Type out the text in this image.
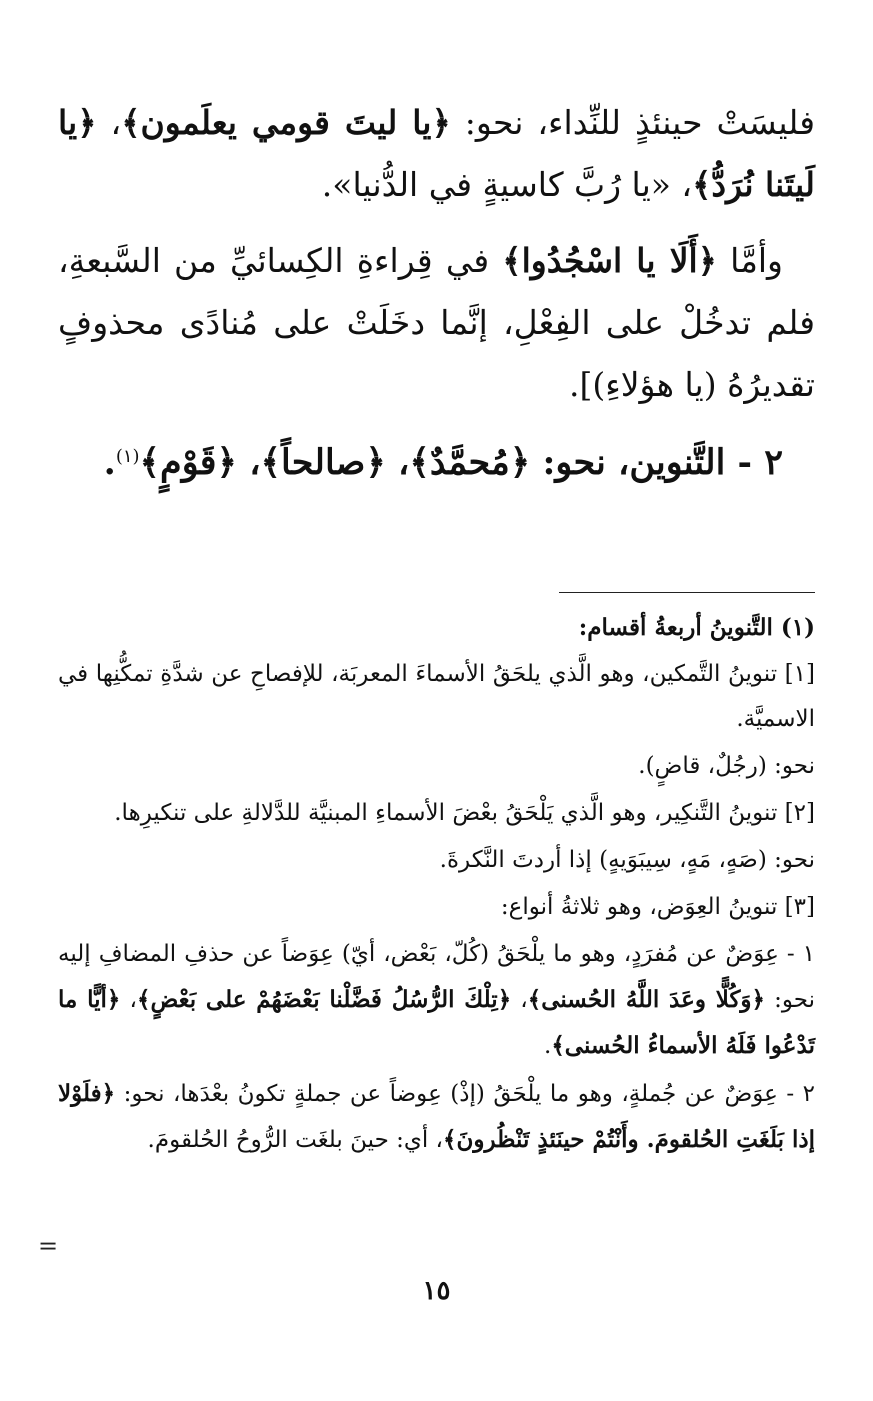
فليسَتْ حينئذٍ للنِّداء، نحو: ﴿يا ليتَ قومي يعلَمون﴾، ﴿يا لَيتَنا نُرَدُّ﴾، «يا رُبَّ كاسيةٍ في الدُّنيا».

وأمَّا ﴿أَلَا يا اسْجُدُوا﴾ في قِراءةِ الكِسائيِّ من السَّبعةِ، فلم تدخُلْ على الفِعْلِ، إنَّما دخَلَتْ على مُنادًى محذوفٍ تقديرُهُ (يا هؤلاءِ)].

٢ - التَّنوين، نحو: ﴿مُحمَّدٌ﴾، ﴿صالحاً﴾، ﴿قَوْمٍ﴾$^{(١)}$.

(١) التَّنوينُ أربعةُ أقسام:

[١] تنوينُ التَّمكين، وهو الَّذي يلحَقُ الأسماءَ المعربَة، للإفصاحِ عن شدَّةِ تمكُّنِها في الاسميَّة.

نحو: (رجُلٌ، قاضٍ).

[٢] تنوينُ التَّنكِير، وهو الَّذي يَلْحَقُ بعْضَ الأسماءِ المبنيَّة للدَّلالةِ على تنكيرِها.

نحو: (صَهٍ، مَهٍ، سِيبَوَيهٍ) إذا أردتَ النَّكرةَ.

[٣] تنوينُ العِوَض، وهو ثلاثةُ أنواع:

١ - عِوَضٌ عن مُفرَدٍ، وهو ما يلْحَقُ (كُلّ، بَعْض، أيّ) عِوَضاً عن حذفِ المضافِ إليه نحو: ﴿وَكُلًّا وعَدَ اللَّهُ الحُسنى﴾، ﴿تِلْكَ الرُّسُلُ فَضَّلْنا بَعْضَهُمْ على بَعْضٍ﴾، ﴿أيًّا ما تَدْعُوا فَلَهُ الأسماءُ الحُسنى﴾.

٢ - عِوَضٌ عن جُملةٍ، وهو ما يلْحَقُ (إذْ) عِوضاً عن جملةٍ تكونُ بعْدَها، نحو: ﴿فلَوْلا إذا بَلَغَتِ الحُلقومَ. وأَنْتُمْ حينَئذٍ تَنْظُرونَ﴾، أي: حينَ بلغَت الرُّوحُ الحُلقومَ.

=
١٥
